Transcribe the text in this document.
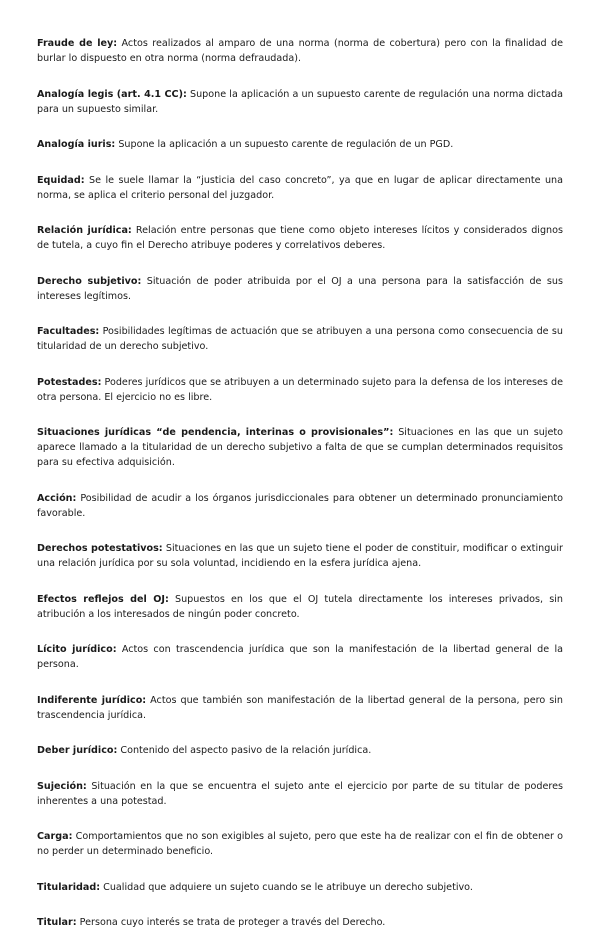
Fraude de ley: Actos realizados al amparo de una norma (norma de cobertura) pero con la finalidad de burlar lo dispuesto en otra norma (norma defraudada).

Analogía legis (art. 4.1 CC): Supone la aplicación a un supuesto carente de regulación una norma dictada para un supuesto similar.

Analogía iuris: Supone la aplicación a un supuesto carente de regulación de un PGD.

Equidad: Se le suele llamar la “justicia del caso concreto”, ya que en lugar de aplicar directamente una norma, se aplica el criterio personal del juzgador.

Relación jurídica: Relación entre personas que tiene como objeto intereses lícitos y considerados dignos de tutela, a cuyo fin el Derecho atribuye poderes y correlativos deberes.

Derecho subjetivo: Situación de poder atribuida por el OJ a una persona para la satisfacción de sus intereses legítimos.

Facultades: Posibilidades legítimas de actuación que se atribuyen a una persona como consecuencia de su titularidad de un derecho subjetivo.

Potestades: Poderes jurídicos que se atribuyen a un determinado sujeto para la defensa de los intereses de otra persona. El ejercicio no es libre.

Situaciones jurídicas “de pendencia, interinas o provisionales”: Situaciones en las que un sujeto aparece llamado a la titularidad de un derecho subjetivo a falta de que se cumplan determinados requisitos para su efectiva adquisición.

Acción: Posibilidad de acudir a los órganos jurisdiccionales para obtener un determinado pronunciamiento favorable.

Derechos potestativos: Situaciones en las que un sujeto tiene el poder de constituir, modificar o extinguir una relación jurídica por su sola voluntad, incidiendo en la esfera jurídica ajena.

Efectos reflejos del OJ: Supuestos en los que el OJ tutela directamente los intereses privados, sin atribución a los interesados de ningún poder concreto.

Lícito jurídico: Actos con trascendencia jurídica que son la manifestación de la libertad general de la persona.

Indiferente jurídico: Actos que también son manifestación de la libertad general de la persona, pero sin trascendencia jurídica.

Deber jurídico: Contenido del aspecto pasivo de la relación jurídica.

Sujeción: Situación en la que se encuentra el sujeto ante el ejercicio por parte de su titular de poderes inherentes a una potestad.

Carga: Comportamientos que no son exigibles al sujeto, pero que este ha de realizar con el fin de obtener o no perder un determinado beneficio.

Titularidad: Cualidad que adquiere un sujeto cuando se le atribuye un derecho subjetivo.

Titular: Persona cuyo interés se trata de proteger a través del Derecho.
